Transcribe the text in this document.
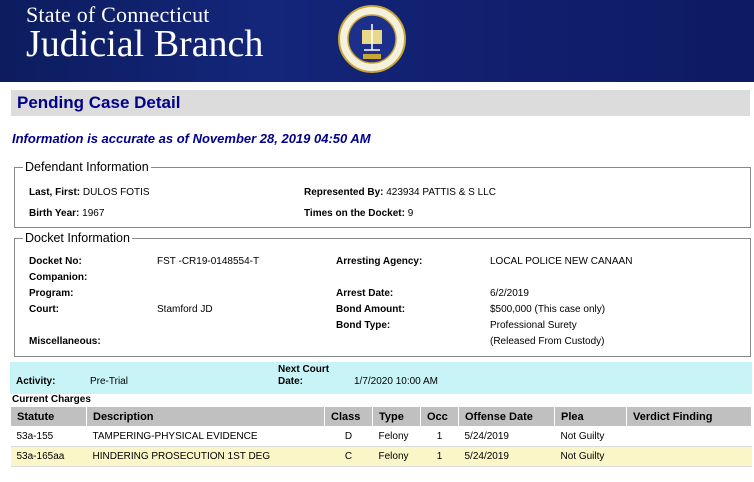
State of Connecticut
Judicial Branch
Pending Case Detail
Information is accurate as of November 28, 2019 04:50 AM
Defendant Information
Last, First: DULOS FOTIS
Birth Year: 1967
Represented By: 423934 PATTIS & S LLC
Times on the Docket: 9
Docket Information
Docket No:	FST -CR19-0148554-T
Companion:
Program:
Court:	Stamford JD
Miscellaneous:
Arresting Agency:	LOCAL POLICE NEW CANAAN
Arrest Date:	6/2/2019
Bond Amount:	$500,000 (This case only)
Bond Type:	Professional Surety
(Released From Custody)
Activity:	Pre-Trial
Next Court
Date:	1/7/2020 10:00 AM
Current Charges
Statute	Description	Class	Type	Occ	Offense Date	Plea	Verdict Finding
53a-155	TAMPERING-PHYSICAL EVIDENCE	D	Felony	1	5/24/2019	Not Guilty	
53a-165aa	HINDERING PROSECUTION 1ST DEG	C	Felony	1	5/24/2019	Not Guilty	
